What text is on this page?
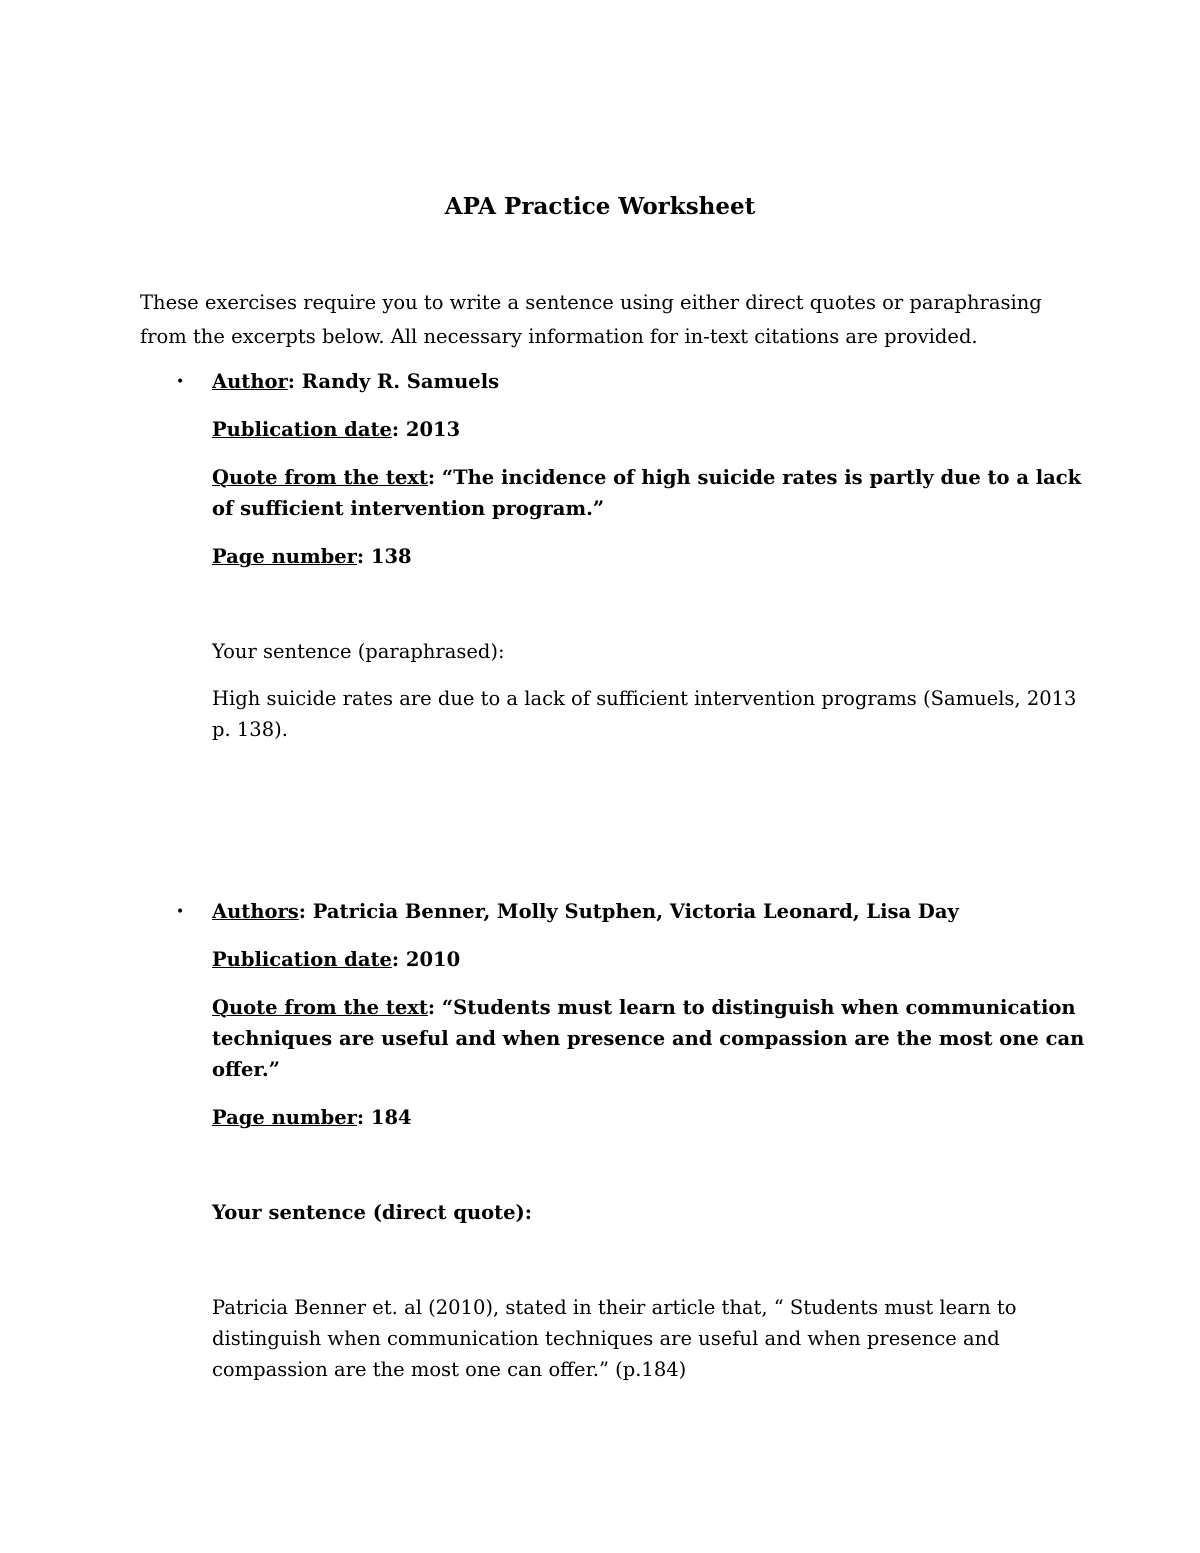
APA Practice Worksheet

These exercises require you to write a sentence using either direct quotes or paraphrasing from the excerpts below. All necessary information for in-text citations are provided.

• Author: Randy R. Samuels

Publication date: 2013

Quote from the text: “The incidence of high suicide rates is partly due to a lack of sufficient intervention program.”

Page number: 138

Your sentence (paraphrased):

High suicide rates are due to a lack of sufficient intervention programs (Samuels, 2013 p. 138).

• Authors: Patricia Benner, Molly Sutphen, Victoria Leonard, Lisa Day

Publication date: 2010

Quote from the text: “Students must learn to distinguish when communication techniques are useful and when presence and compassion are the most one can offer.”

Page number: 184

Your sentence (direct quote):

Patricia Benner et. al (2010), stated in their article that, “ Students must learn to distinguish when communication techniques are useful and when presence and compassion are the most one can offer.” (p.184)
